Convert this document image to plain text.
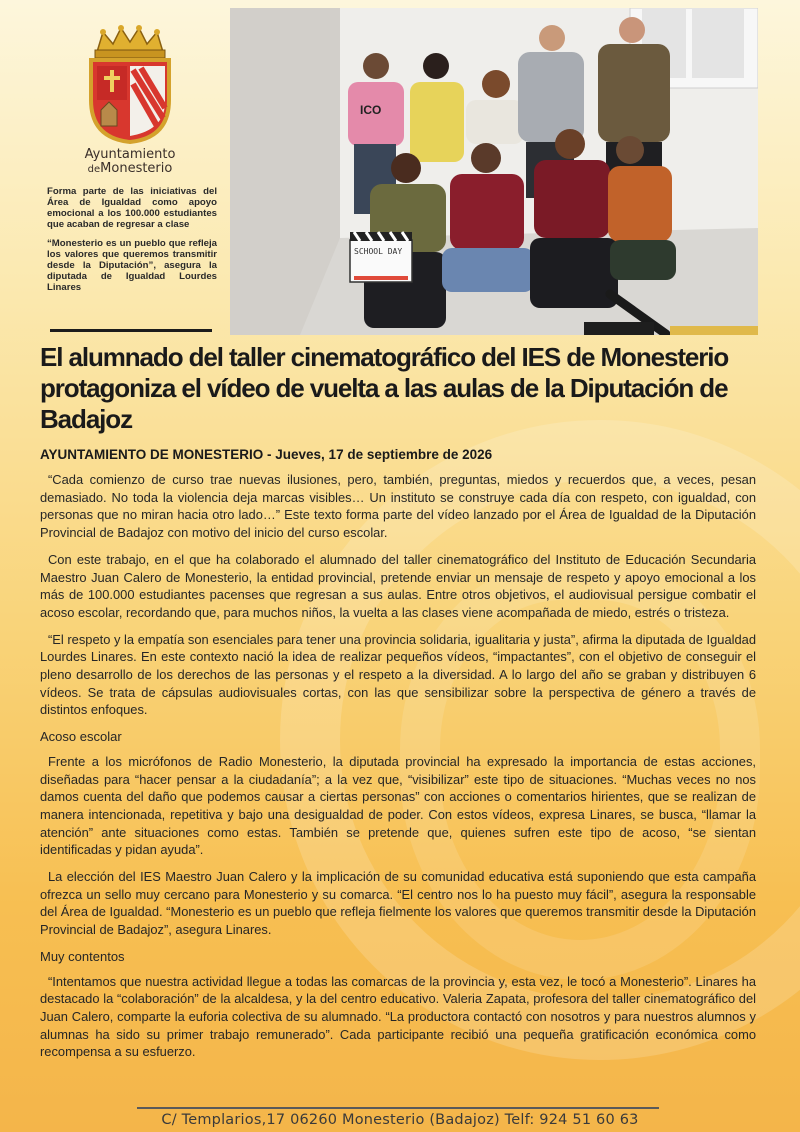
Ayuntamiento
deMonesterio

Forma parte de las iniciativas del Área de Igualdad como apoyo emocional a los 100.000 estudiantes que acaban de regresar a clase

“Monesterio es un pueblo que refleja los valores que queremos transmitir desde la Diputación”, asegura la diputada de Igualdad Lourdes Linares

ICO
SCHOOL DAY
El alumnado del taller cinematográfico del IES de Monesterio protagoniza el vídeo de vuelta a las aulas de la Diputación de Badajoz

AYUNTAMIENTO DE MONESTERIO - Jueves, 17 de septiembre de 2026

“Cada comienzo de curso trae nuevas ilusiones, pero, también, preguntas, miedos y recuerdos que, a veces, pesan demasiado. No toda la violencia deja marcas visibles… Un instituto se construye cada día con respeto, con igualdad, con personas que no miran hacia otro lado…” Este texto forma parte del vídeo lanzado por el Área de Igualdad de la Diputación Provincial de Badajoz con motivo del inicio del curso escolar.

Con este trabajo, en el que ha colaborado el alumnado del taller cinematográfico del Instituto de Educación Secundaria Maestro Juan Calero de Monesterio, la entidad provincial, pretende enviar un mensaje de respeto y apoyo emocional a los más de 100.000 estudiantes pacenses que regresan a sus aulas. Entre otros objetivos, el audiovisual persigue combatir el acoso escolar, recordando que, para muchos niños, la vuelta a las clases viene acompañada de miedo, estrés o tristeza.

“El respeto y la empatía son esenciales para tener una provincia solidaria, igualitaria y justa”, afirma la diputada de Igualdad Lourdes Linares. En este contexto nació la idea de realizar pequeños vídeos, “impactantes”, con el objetivo de conseguir el pleno desarrollo de los derechos de las personas y el respeto a la diversidad. A lo largo del año se graban y distribuyen 6 vídeos. Se trata de cápsulas audiovisuales cortas, con las que sensibilizar sobre la perspectiva de género a través de distintos enfoques.

Acoso escolar

Frente a los micrófonos de Radio Monesterio, la diputada provincial ha expresado la importancia de estas acciones, diseñadas para “hacer pensar a la ciudadanía”; a la vez que, “visibilizar” este tipo de situaciones. “Muchas veces no nos damos cuenta del daño que podemos causar a ciertas personas” con acciones o comentarios hirientes, que se realizan de manera intencionada, repetitiva y bajo una desigualdad de poder. Con estos vídeos, expresa Linares, se busca, “llamar la atención” ante situaciones como estas. También se pretende que, quienes sufren este tipo de acoso, “se sientan identificadas y pidan ayuda”.

La elección del IES Maestro Juan Calero y la implicación de su comunidad educativa está suponiendo que esta campaña ofrezca un sello muy cercano para Monesterio y su comarca. “El centro nos lo ha puesto muy fácil”, asegura la responsable del Área de Igualdad. “Monesterio es un pueblo que refleja fielmente los valores que queremos transmitir desde la Diputación Provincial de Badajoz”, asegura Linares.

Muy contentos

“Intentamos que nuestra actividad llegue a todas las comarcas de la provincia y, esta vez, le tocó a Monesterio”. Linares ha destacado la “colaboración” de la alcaldesa, y la del centro educativo. Valeria Zapata, profesora del taller cinematográfico del Juan Calero, comparte la euforia colectiva de su alumnado. “La productora contactó con nosotros y para nuestros alumnos y alumnas ha sido su primer trabajo remunerado”. Cada participante recibió una pequeña gratificación económica como recompensa a su esfuerzo.

C/ Templarios,17 06260 Monesterio (Badajoz) Telf: 924 51 60 63
